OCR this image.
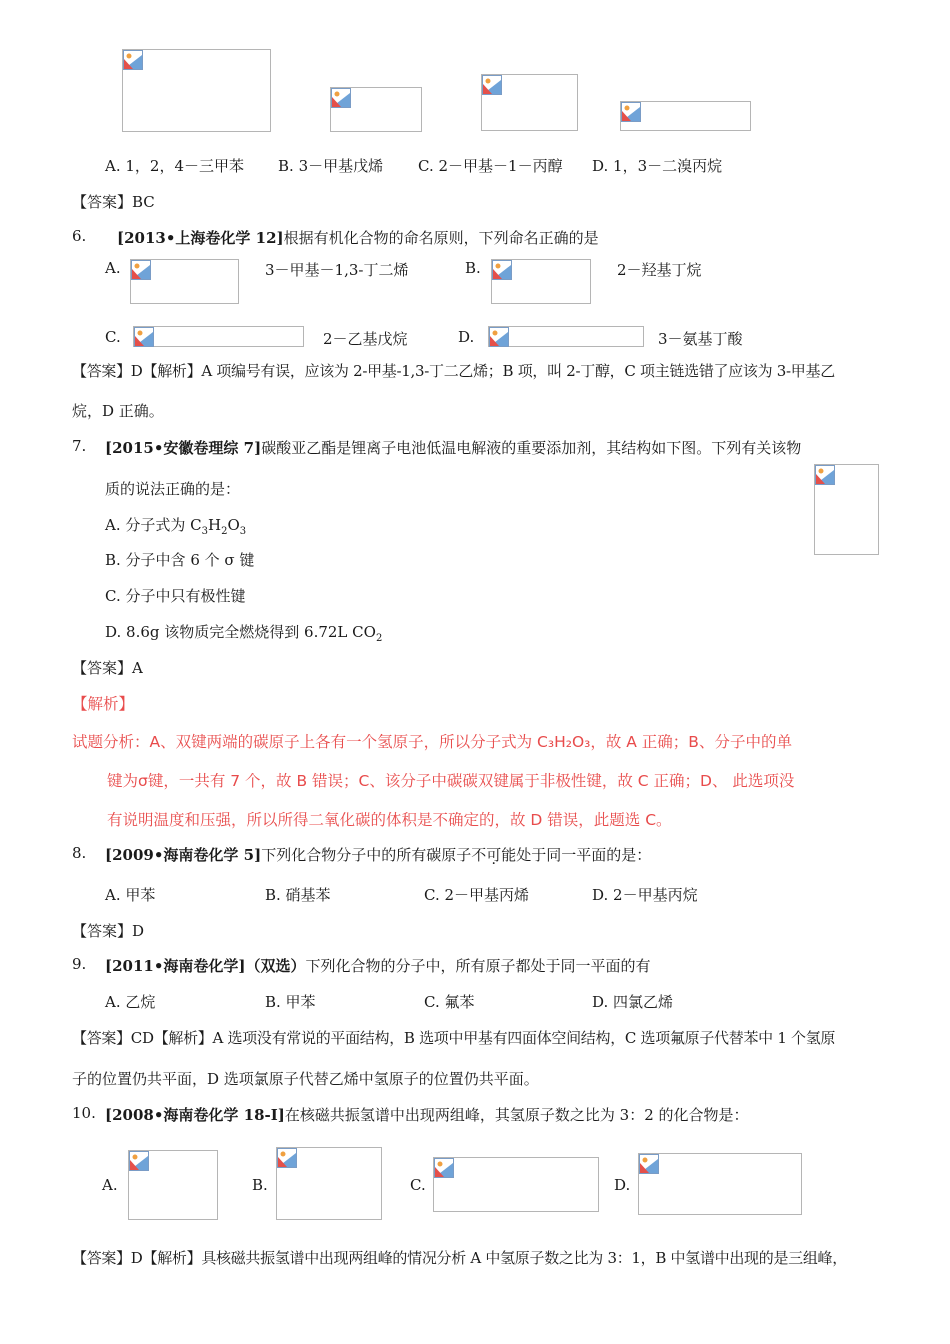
A. 1，2，4－三甲苯 B. 3－甲基戊烯 C. 2－甲基－1－丙醇 D. 1，3－二溴丙烷
【答案】BC
6. [2013•上海卷化学 12]根据有机化合物的命名原则，下列命名正确的是
A.	3－甲基－1,3-丁二烯	B.	2－羟基丁烷
C.	2－乙基戊烷	D.	3－氨基丁酸
【答案】D【解析】A 项编号有误，应该为 2-甲基-1,3-丁二乙烯；B 项，叫 2-丁醇，C 项主链选错了应该为 3-甲基乙
烷，D 正确。
7. [2015•安徽卷理综 7]碳酸亚乙酯是锂离子电池低温电解液的重要添加剂，其结构如下图。下列有关该物
质的说法正确的是：
A. 分子式为 $C_3H_2O_3$
B. 分子中含 6 个 σ 键
C. 分子中只有极性键
D. 8.6g 该物质完全燃烧得到 6.72L $CO_2$
【答案】A
【解析】
试题分析：A、双键两端的碳原子上各有一个氢原子，所以分子式为 C₃H₂O₃，故 A 正确；B、分子中的单
键为σ键，一共有 7 个，故 B 错误；C、该分子中碳碳双键属于非极性键，故 C 正确；D、 此选项没
有说明温度和压强，所以所得二氧化碳的体积是不确定的，故 D 错误，此题选 C。
8. [2009•海南卷化学 5]下列化合物分子中的所有碳原子不可能处于同一平面的是：
A. 甲苯	B. 硝基苯	C. 2－甲基丙烯	D. 2－甲基丙烷
【答案】D
9. [2011•海南卷化学]（双选）下列化合物的分子中，所有原子都处于同一平面的有
A. 乙烷	B. 甲苯	C. 氟苯	D. 四氯乙烯
【答案】CD【解析】A 选项没有常说的平面结构，B 选项中甲基有四面体空间结构，C 选项氟原子代替苯中 1 个氢原
子的位置仍共平面，D 选项氯原子代替乙烯中氢原子的位置仍共平面。
10. [2008•海南卷化学 18-I]在核磁共振氢谱中出现两组峰，其氢原子数之比为 3：2 的化合物是：
A.	B.	C.	D.
【答案】D【解析】具核磁共振氢谱中出现两组峰的情况分析 A 中氢原子数之比为 3：1，B 中氢谱中出现的是三组峰，
